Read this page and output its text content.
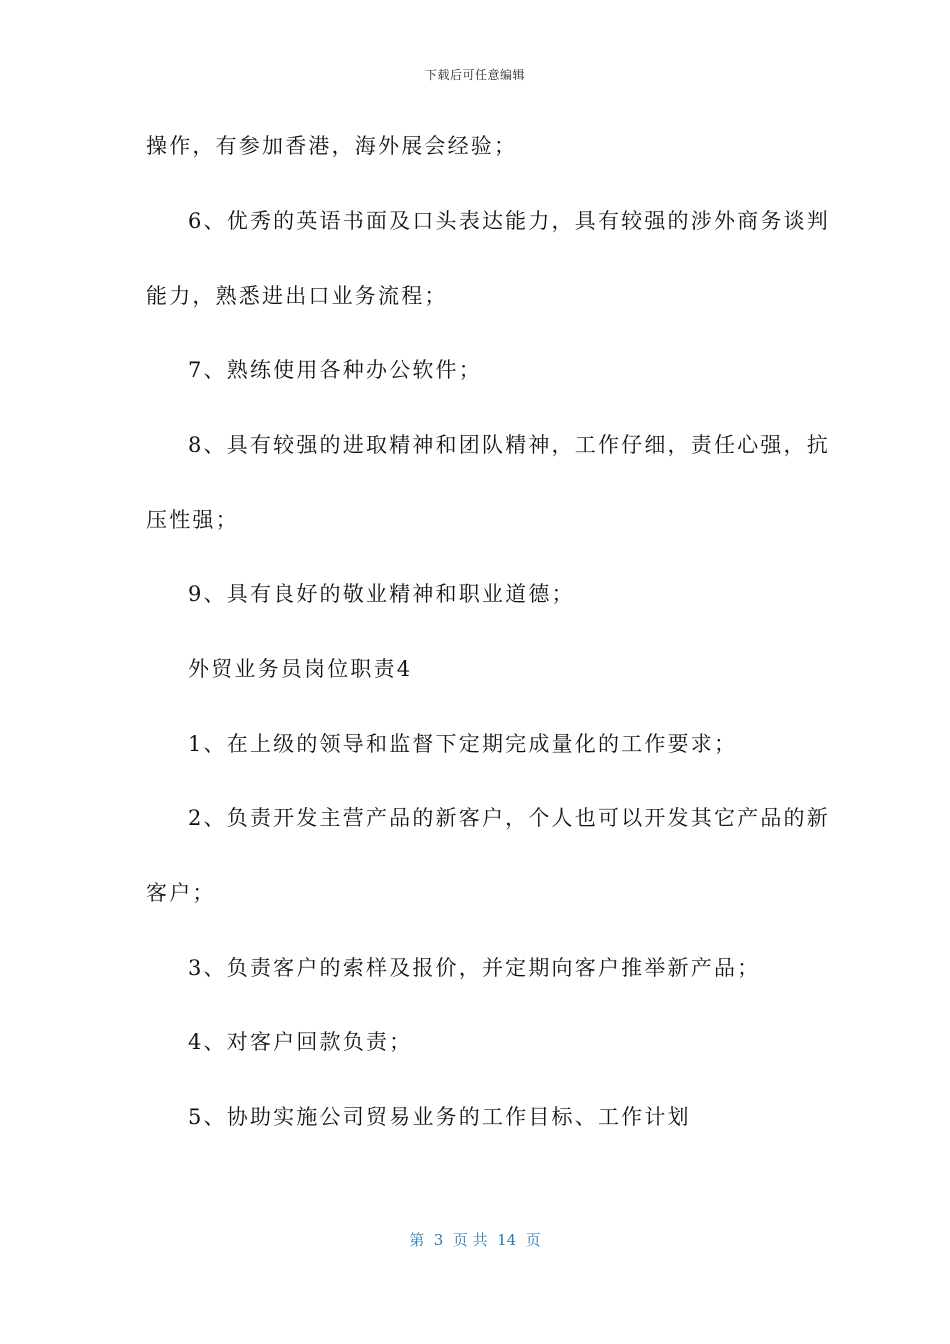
下载后可任意编辑
操作，有参加香港，海外展会经验；
6、优秀的英语书面及口头表达能力，具有较强的涉外商务谈判
能力，熟悉进出口业务流程；
7、熟练使用各种办公软件；
8、具有较强的进取精神和团队精神，工作仔细，责任心强，抗
压性强；
9、具有良好的敬业精神和职业道德；
外贸业务员岗位职责4
1、在上级的领导和监督下定期完成量化的工作要求；
2、负责开发主营产品的新客户，个人也可以开发其它产品的新
客户；
3、负责客户的索样及报价，并定期向客户推举新产品；
4、对客户回款负责；
5、协助实施公司贸易业务的工作目标、工作计划
第  3  页 共  14  页
